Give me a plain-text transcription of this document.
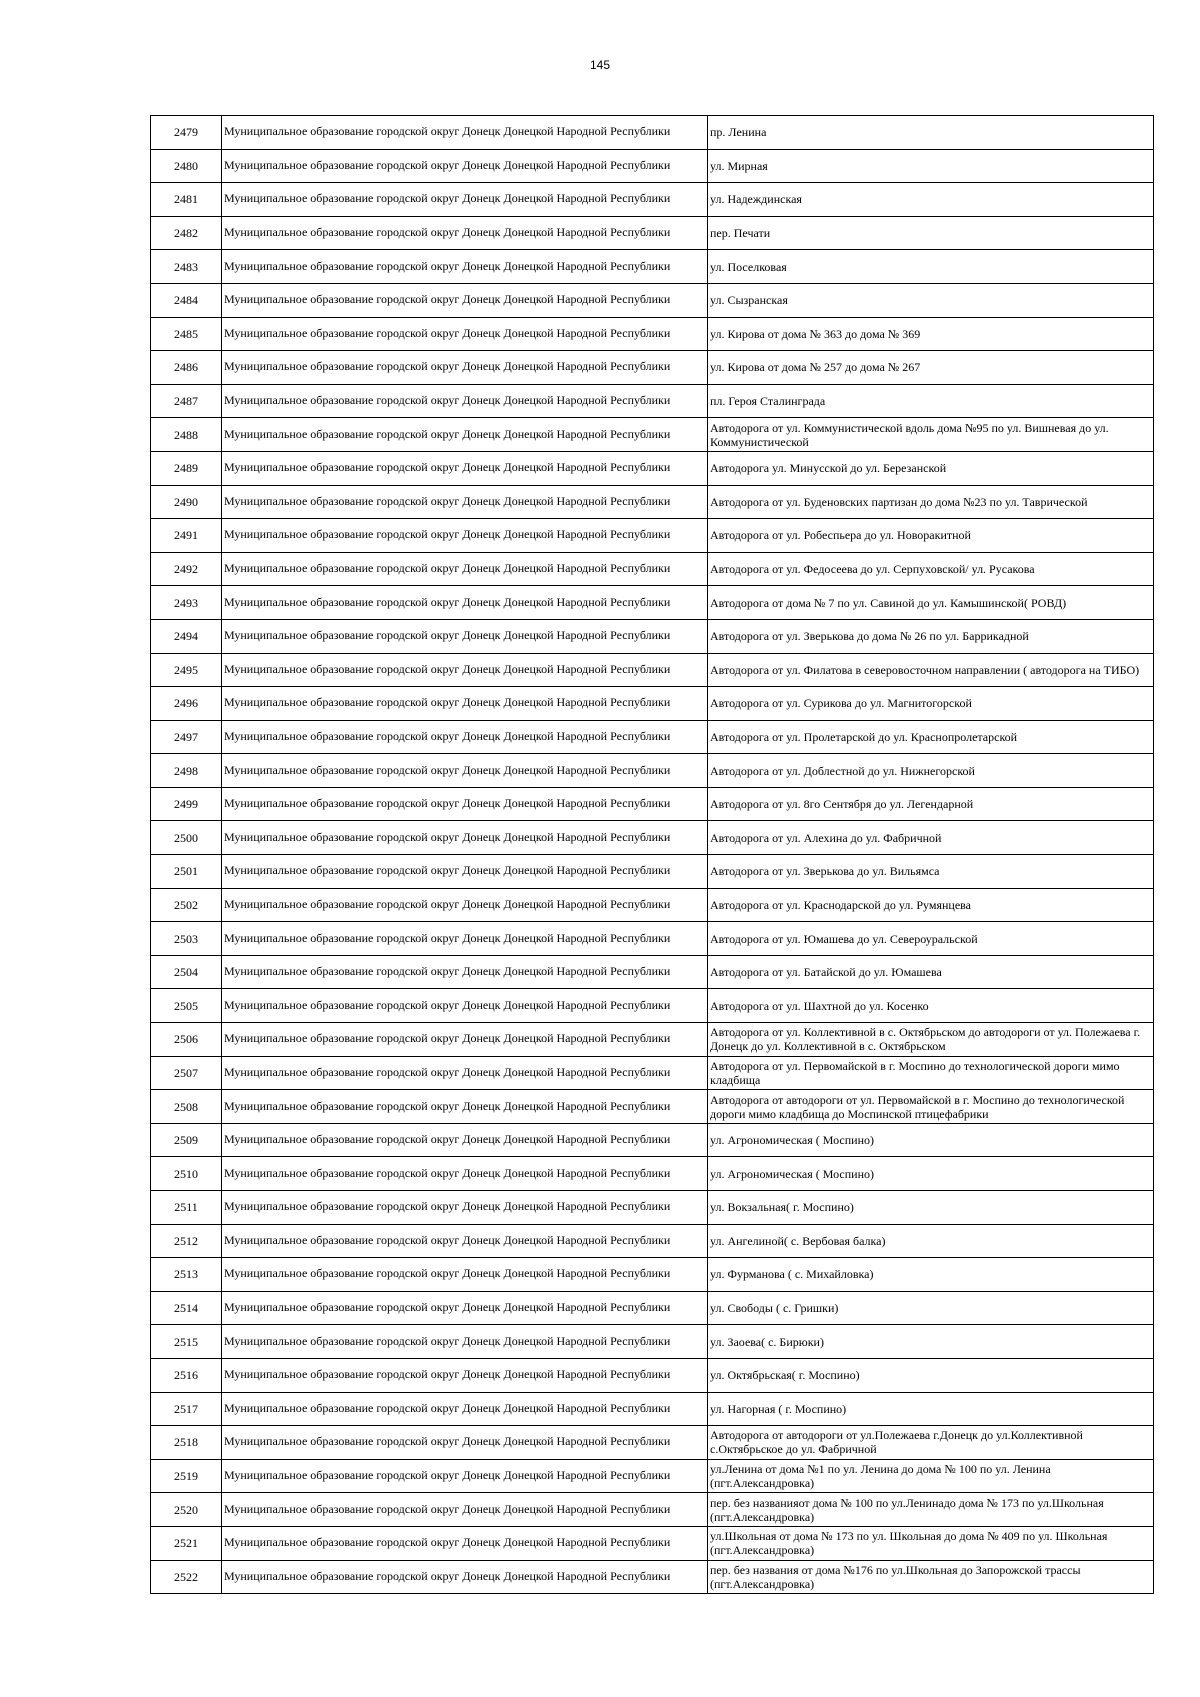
145
2479	Муниципальное образование городской округ Донецк Донецкой Народной Республики	пр. Ленина
2480	Муниципальное образование городской округ Донецк Донецкой Народной Республики	ул. Мирная
2481	Муниципальное образование городской округ Донецк Донецкой Народной Республики	ул. Надеждинская
2482	Муниципальное образование городской округ Донецк Донецкой Народной Республики	пер. Печати
2483	Муниципальное образование городской округ Донецк Донецкой Народной Республики	ул. Поселковая
2484	Муниципальное образование городской округ Донецк Донецкой Народной Республики	ул. Сызранская
2485	Муниципальное образование городской округ Донецк Донецкой Народной Республики	ул. Кирова от дома № 363 до дома № 369
2486	Муниципальное образование городской округ Донецк Донецкой Народной Республики	ул. Кирова от дома № 257 до дома № 267
2487	Муниципальное образование городской округ Донецк Донецкой Народной Республики	пл. Героя Сталинграда
2488	Муниципальное образование городской округ Донецк Донецкой Народной Республики	Автодорога от ул. Коммунистической вдоль дома №95 по ул. Вишневая до ул. Коммунистической
2489	Муниципальное образование городской округ Донецк Донецкой Народной Республики	Автодорога ул. Минусской до ул. Березанской
2490	Муниципальное образование городской округ Донецк Донецкой Народной Республики	Автодорога от ул. Буденовских партизан до дома №23 по ул. Таврической
2491	Муниципальное образование городской округ Донецк Донецкой Народной Республики	Автодорога от ул. Робеспьера до ул. Новоракитной
2492	Муниципальное образование городской округ Донецк Донецкой Народной Республики	Автодорога от ул. Федосеева до ул. Серпуховской/ ул. Русакова
2493	Муниципальное образование городской округ Донецк Донецкой Народной Республики	Автодорога от дома № 7 по ул. Савиной до ул. Камышинской( РОВД)
2494	Муниципальное образование городской округ Донецк Донецкой Народной Республики	Автодорога от ул. Зверькова до дома № 26 по ул. Баррикадной
2495	Муниципальное образование городской округ Донецк Донецкой Народной Республики	Автодорога от ул. Филатова в северовосточном направлении ( автодорога на ТИБО)
2496	Муниципальное образование городской округ Донецк Донецкой Народной Республики	Автодорога от ул. Сурикова до ул. Магнитогорской
2497	Муниципальное образование городской округ Донецк Донецкой Народной Республики	Автодорога от ул. Пролетарской до ул. Краснопролетарской
2498	Муниципальное образование городской округ Донецк Донецкой Народной Республики	Автодорога от ул. Доблестной до ул. Нижнегорской
2499	Муниципальное образование городской округ Донецк Донецкой Народной Республики	Автодорога от ул. 8го Сентября до ул. Легендарной
2500	Муниципальное образование городской округ Донецк Донецкой Народной Республики	Автодорога от ул. Алехина до ул. Фабричной
2501	Муниципальное образование городской округ Донецк Донецкой Народной Республики	Автодорога от ул. Зверькова до ул. Вильямса
2502	Муниципальное образование городской округ Донецк Донецкой Народной Республики	Автодорога от ул. Краснодарской до ул. Румянцева
2503	Муниципальное образование городской округ Донецк Донецкой Народной Республики	Автодорога от ул. Юмашева до ул. Североуральской
2504	Муниципальное образование городской округ Донецк Донецкой Народной Республики	Автодорога от ул. Батайской до ул. Юмашева
2505	Муниципальное образование городской округ Донецк Донецкой Народной Республики	Автодорога от ул. Шахтной до ул. Косенко
2506	Муниципальное образование городской округ Донецк Донецкой Народной Республики	Автодорога от ул. Коллективной в с. Октябрьском до автодороги от ул. Полежаева г. Донецк до ул. Коллективной в с. Октябрьском
2507	Муниципальное образование городской округ Донецк Донецкой Народной Республики	Автодорога от ул. Первомайской в г. Моспино до технологической дороги мимо кладбища
2508	Муниципальное образование городской округ Донецк Донецкой Народной Республики	Автодорога от автодороги от ул. Первомайской в г. Моспино до технологической дороги мимо кладбища до Моспинской птицефабрики
2509	Муниципальное образование городской округ Донецк Донецкой Народной Республики	ул. Агрономическая ( Моспино)
2510	Муниципальное образование городской округ Донецк Донецкой Народной Республики	ул. Агрономическая ( Моспино)
2511	Муниципальное образование городской округ Донецк Донецкой Народной Республики	ул. Вокзальная( г. Моспино)
2512	Муниципальное образование городской округ Донецк Донецкой Народной Республики	ул. Ангелиной( с. Вербовая балка)
2513	Муниципальное образование городской округ Донецк Донецкой Народной Республики	ул. Фурманова ( с. Михайловка)
2514	Муниципальное образование городской округ Донецк Донецкой Народной Республики	ул. Свободы ( с. Гришки)
2515	Муниципальное образование городской округ Донецк Донецкой Народной Республики	ул. Заоева( с. Бирюки)
2516	Муниципальное образование городской округ Донецк Донецкой Народной Республики	ул. Октябрьская( г. Моспино)
2517	Муниципальное образование городской округ Донецк Донецкой Народной Республики	ул. Нагорная ( г. Моспино)
2518	Муниципальное образование городской округ Донецк Донецкой Народной Республики	Автодорога от автодороги от ул.Полежаева г.Донецк до ул.Коллективной с.Октябрьское до ул. Фабричной
2519	Муниципальное образование городской округ Донецк Донецкой Народной Республики	ул.Ленина от дома №1 по ул. Ленина до дома № 100 по ул. Ленина (пгт.Александровка)
2520	Муниципальное образование городской округ Донецк Донецкой Народной Республики	пер. без названияот дома № 100 по ул.Ленинадо дома № 173 по ул.Школьная (пгт.Александровка)
2521	Муниципальное образование городской округ Донецк Донецкой Народной Республики	ул.Школьная от дома № 173 по ул. Школьная до дома № 409 по ул. Школьная (пгт.Александровка)
2522	Муниципальное образование городской округ Донецк Донецкой Народной Республики	пер. без названия от дома №176 по ул.Школьная до Запорожской трассы (пгт.Александровка)
